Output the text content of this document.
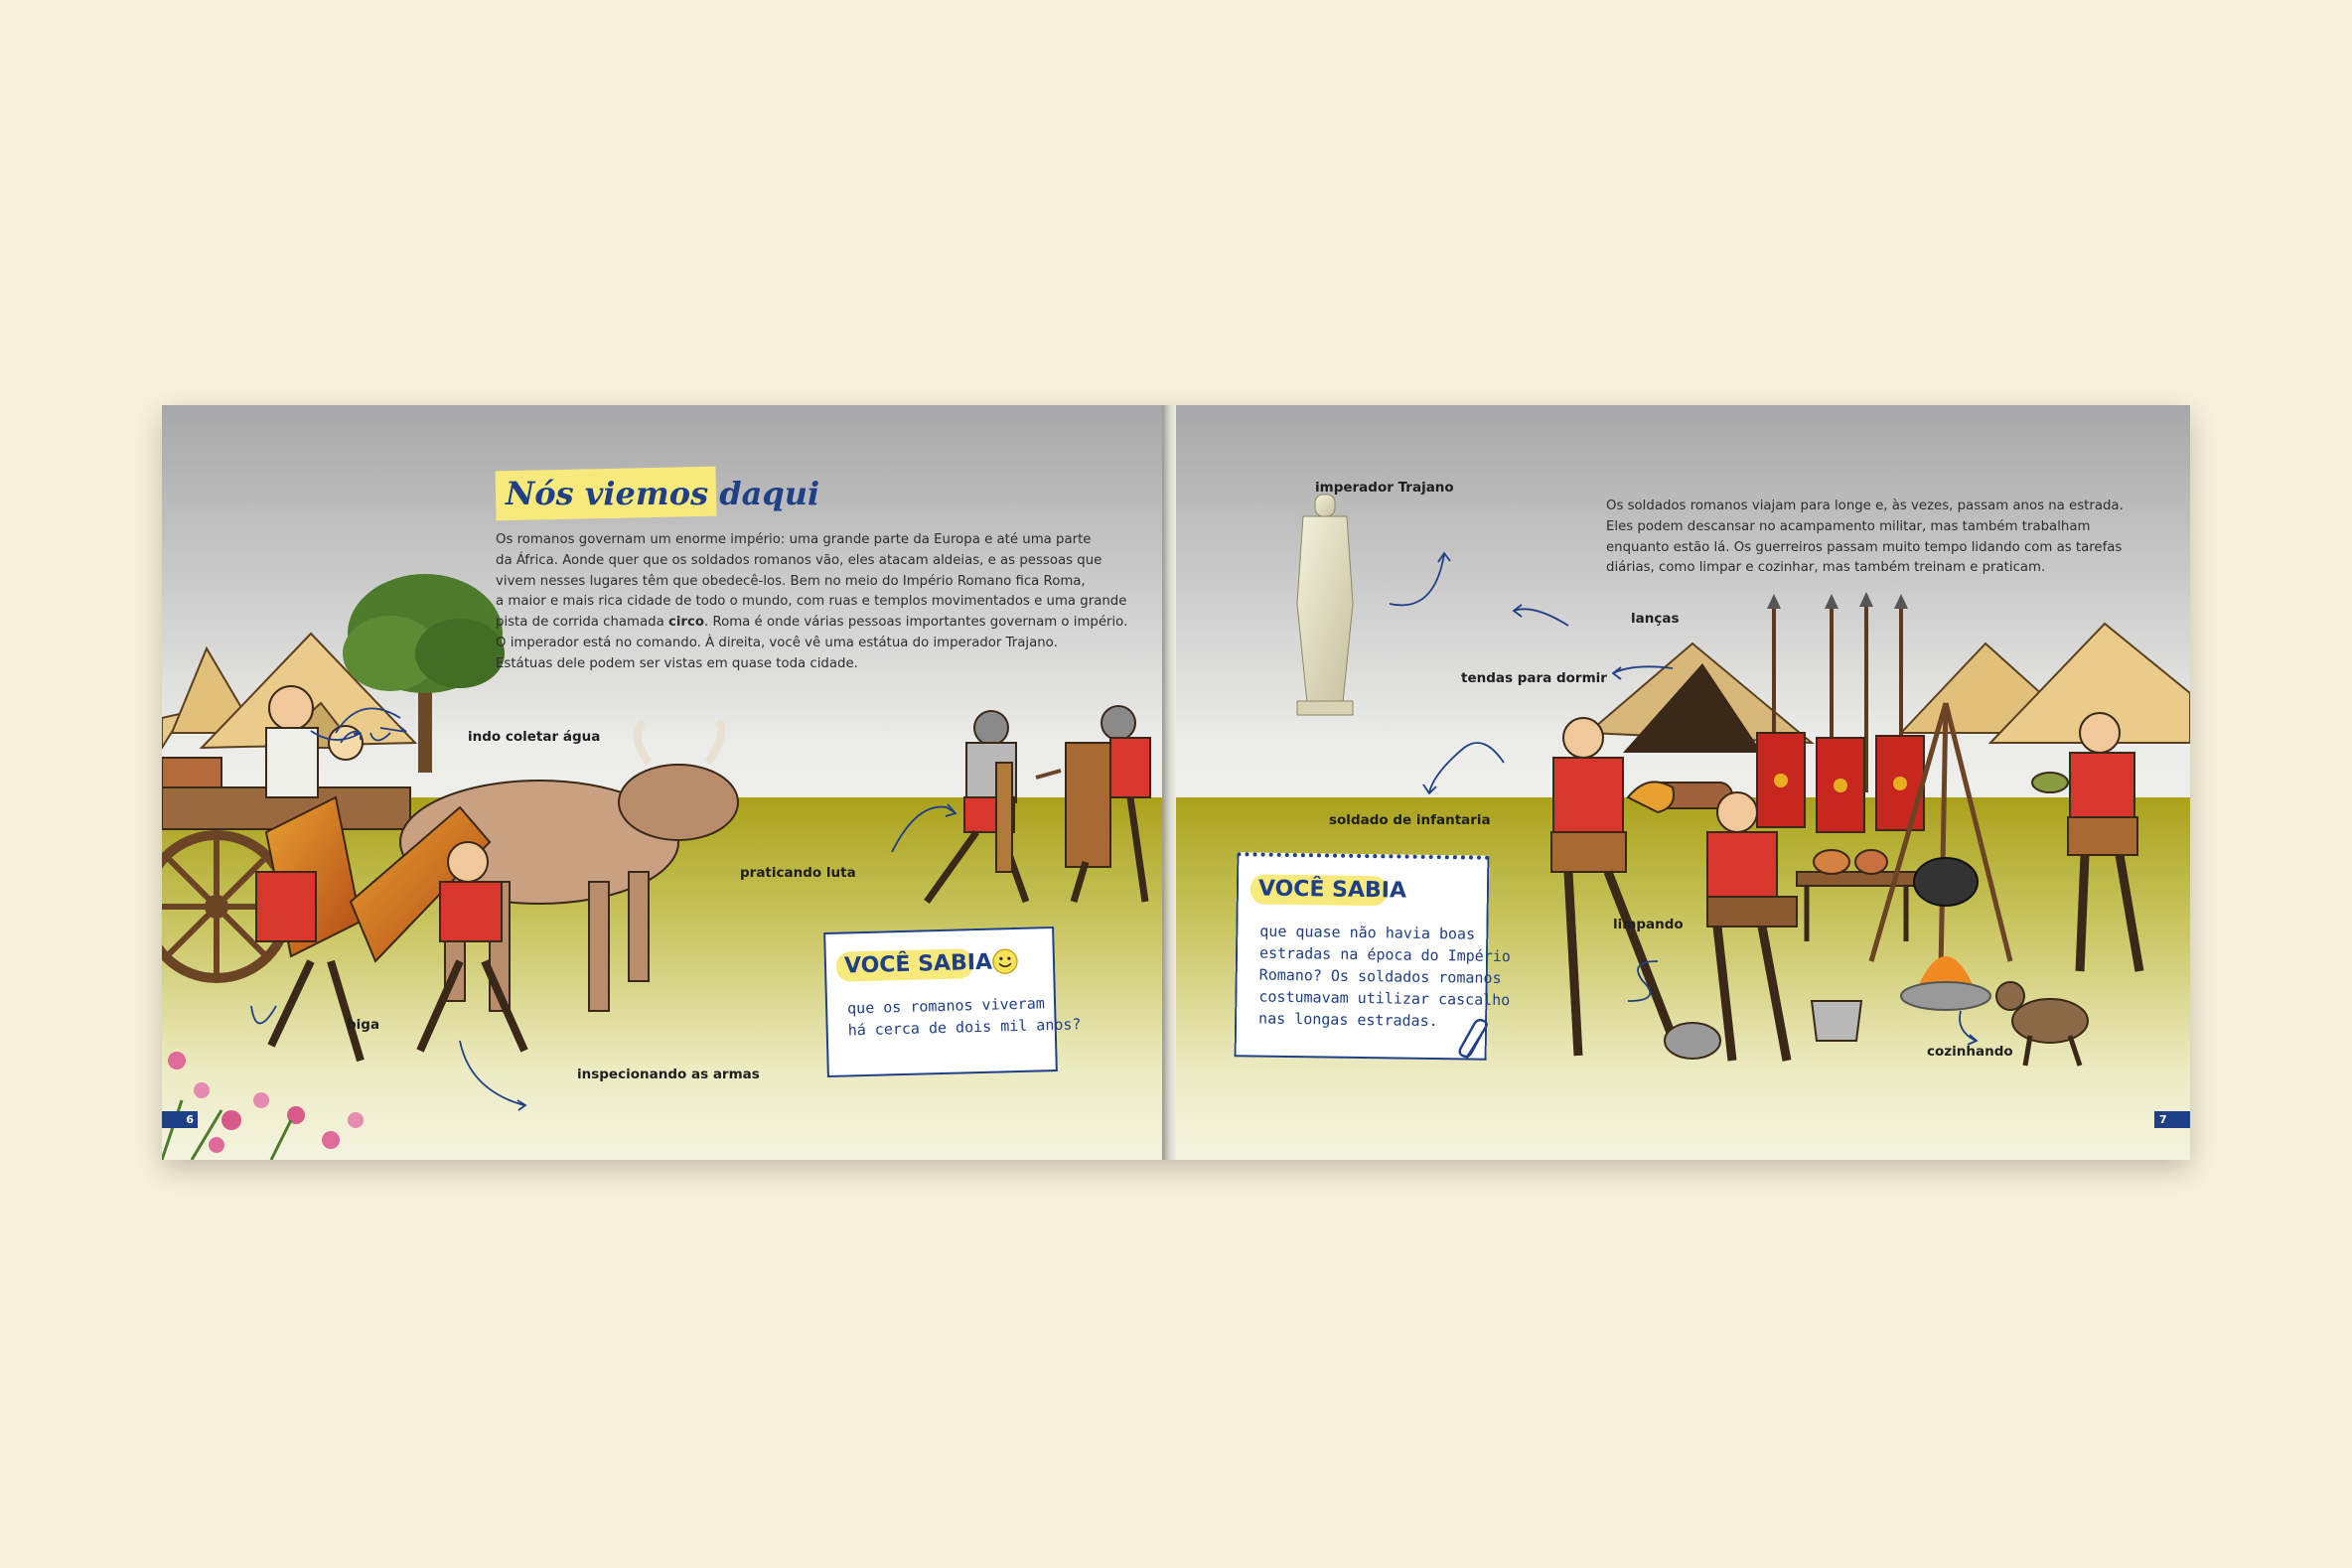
Nós viemos daqui

Os romanos governam um enorme império: uma grande parte da Europa e até uma parte

da África. Aonde quer que os soldados romanos vão, eles atacam aldeias, e as pessoas que

vivem nesses lugares têm que obedecê-los. Bem no meio do Império Romano fica Roma,

a maior e mais rica cidade de todo o mundo, com ruas e templos movimentados e uma grande

pista de corrida chamada circo. Roma é onde várias pessoas importantes governam o império.

O imperador está no comando. À direita, você vê uma estátua do imperador Trajano.

Estátuas dele podem ser vistas em quase toda cidade.

indo coletar água
praticando luta
biga
inspecionando as armas
VOCÊ SABIA

que os romanos viveram

há cerca de dois mil anos?

6
imperador Trajano
lanças
tendas para dormir
soldado de infantaria
limpando
cozinhando

Os soldados romanos viajam para longe e, às vezes, passam anos na estrada.

Eles podem descansar no acampamento militar, mas também trabalham

enquanto estão lá. Os guerreiros passam muito tempo lidando com as tarefas

diárias, como limpar e cozinhar, mas também treinam e praticam.

VOCÊ SABIA

que quase não havia boas

estradas na época do Império

Romano? Os soldados romanos

costumavam utilizar cascalho

nas longas estradas.

7
